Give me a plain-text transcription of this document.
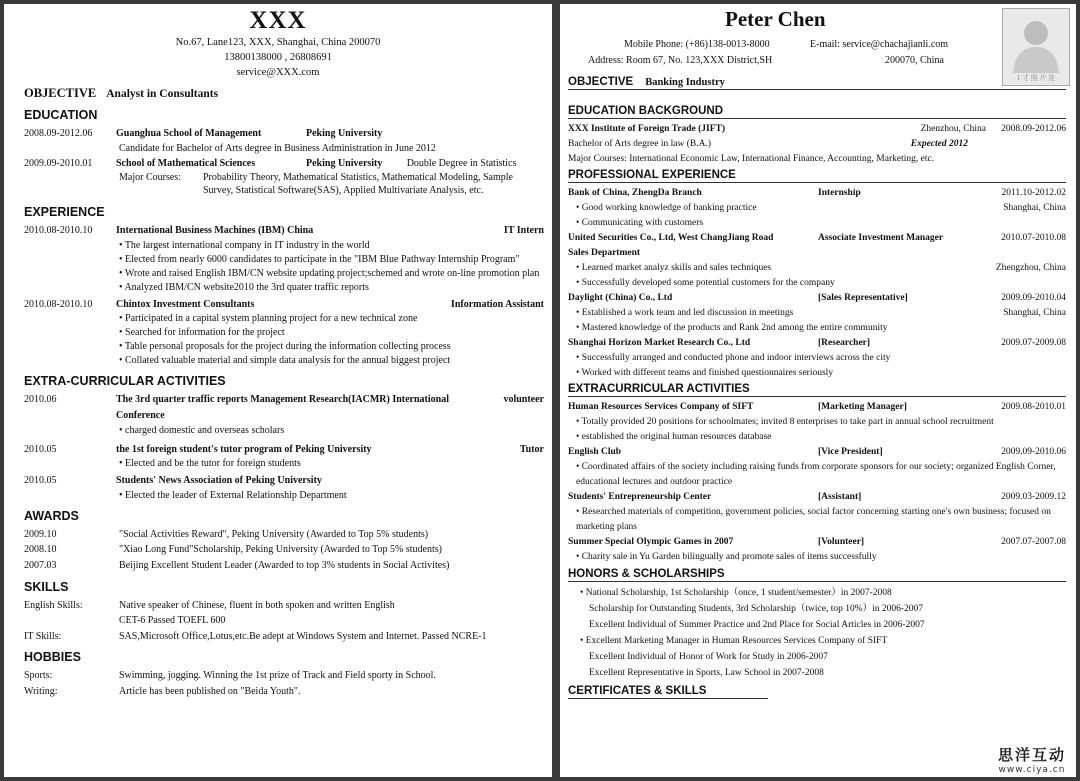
XXX
No.67, Lane123, XXX, Shanghai, China 200070
13800138000 , 26808691
service@XXX.com
OBJECTIVE Analyst in Consultants
EDUCATION
2008.09-2012.06	Guanghua School of Management	Peking University
Candidate for Bachelor of Arts degree in Business Administration in June 2012
2009.09-2010.01	School of Mathematical Sciences	Peking University	Double Degree in Statistics
Major Courses:	Probability Theory, Mathematical Statistics, Mathematical Modeling, Sample Survey, Statistical Software(SAS), Applied Multivariate Analysis, etc.
EXPERIENCE
2010.08-2010.10	International Business Machines (IBM) China	IT Intern
• The largest international company in IT industry in the world
• Elected from nearly 6000 candidates to participate in the "IBM Blue Pathway Internship Program"
• Wrote and raised English IBM/CN website updating project;schemed and wrote on-line promotion plan
• Analyzed IBM/CN website2010 the 3rd quater traffic reports
2010.08-2010.10	Chintox Investment Consultants	Information Assistant
• Participated in a capital system planning project for a new technical zone
• Searched for information for the project
• Table personal proposals for the project during the information collecting process
• Collated valuable material and simple data analysis for the annual biggest project
EXTRA-CURRICULAR ACTIVITIES
2010.06	The 3rd quarter traffic reports Management Research(IACMR) International Conference
volunteer
• charged domestic and overseas scholars
2010.05	the 1st foreign student's tutor program of Peking University	Tutor
• Elected and be the tutor for foreign students
2010.05	Students' News Association of Peking University
• Elected the leader of External Relationship Department
AWARDS
2009.10	"Social Activities Reward", Peking University (Awarded to Top 5% students)
2008.10	"Xiao Long Fund"Scholarship, Peking University (Awarded to Top 5% students)
2007.03	Beijing Excellent Student Leader (Awarded to top 3% students in Social Activites)
SKILLS
English Skills:	Native speaker of Chinese, fluent in both spoken and written English
CET-6 Passed TOEFL 600
IT Skills:	SAS,Microsoft Office,Lotus,etc.Be adept at Windows System and Internet. Passed NCRE-1
HOBBIES
Sports:	Swimming, jogging. Winning the 1st prize of Track and Field sporty in School.
Writing:	Article has been published on "Beida Youth".
Peter Chen
Mobile Phone: (+86)138-0013-8000	E-mail: service@chachajianli.com
Address: Room 67, No. 123,XXX District,SH	200070, China
1 寸 照 片 处
OBJECTIVE Banking Industry
EDUCATION BACKGROUND
XXX Institute of Foreign Trade (JIFT)	Zhenzhou, China	2008.09-2012.06
Bachelor of Arts degree in law (B.A.)	Expected 2012
Major Courses: International Economic Law, International Finance, Accounting, Marketing, etc.
PROFESSIONAL EXPERIENCE
Bank of China, ZhengDa Branch	Internship	2011.10-2012.02
• Good working knowledge of banking practice	Shanghai, China
• Communicating with customers
United Securities Co., Ltd, West ChangJiang Road	Associate Investment Manager	2010.07-2010.08
Sales Department
• Learned market analyz skills and sales techniques	Zhengzhou, China
• Successfully developed some potential customers for the company
Daylight (China) Co., Ltd	[Sales Representative]	2009.09-2010.04
• Established a work team and led discussion in meetings	Shanghai, China
• Mastered knowledge of the products and Rank 2nd among the entire community
Shanghai Horizon Market Research Co., Ltd	[Researcher]	2009.07-2009.08
• Successfully arranged and conducted phone and indoor interviews across the city
• Worked with different teams and finished questionnaires seriously
EXTRACURRICULAR ACTIVITIES
Human Resources Services Company of SIFT	[Marketing Manager]	2009.08-2010.01
• Totally provided 20 positions for schoolmates; invited 8 enterprises to take part in annual school recruitment
• established the original human resources database
English Club	[Vice President]	2009.09-2010.06
• Coordinated affairs of the society including raising funds from corporate sponsors for our society; organized English Corner, educational lectures and outdoor practice
Students' Entrepreneurship Center	[Assistant]	2009.03-2009.12
• Researched materials of competition, government policies, social factor concerning starting one's own business; focused on marketing plans
Summer Special Olympic Games in 2007	[Volunteer]	2007.07-2007.08
• Charity sale in Yu Garden bilingually and promote sales of items successfully
HONORS & SCHOLARSHIPS
• National Scholarship, 1st Scholarship（once, 1 student/semester）in 2007-2008
Scholarship for Outstanding Students, 3rd Scholarship（twice, top 10%）in 2006-2007
Excellent Individual of Summer Practice and 2nd Place for Social Articles in 2006-2007
• Excellent Marketing Manager in Human Resources Services Company of SIFT
Excellent Individual of Honor of Work for Study in 2006-2007
Excellent Representative in Sports, Law School in 2007-2008
CERTIFICATES & SKILLS
思洋互动
www.ciya.cn
